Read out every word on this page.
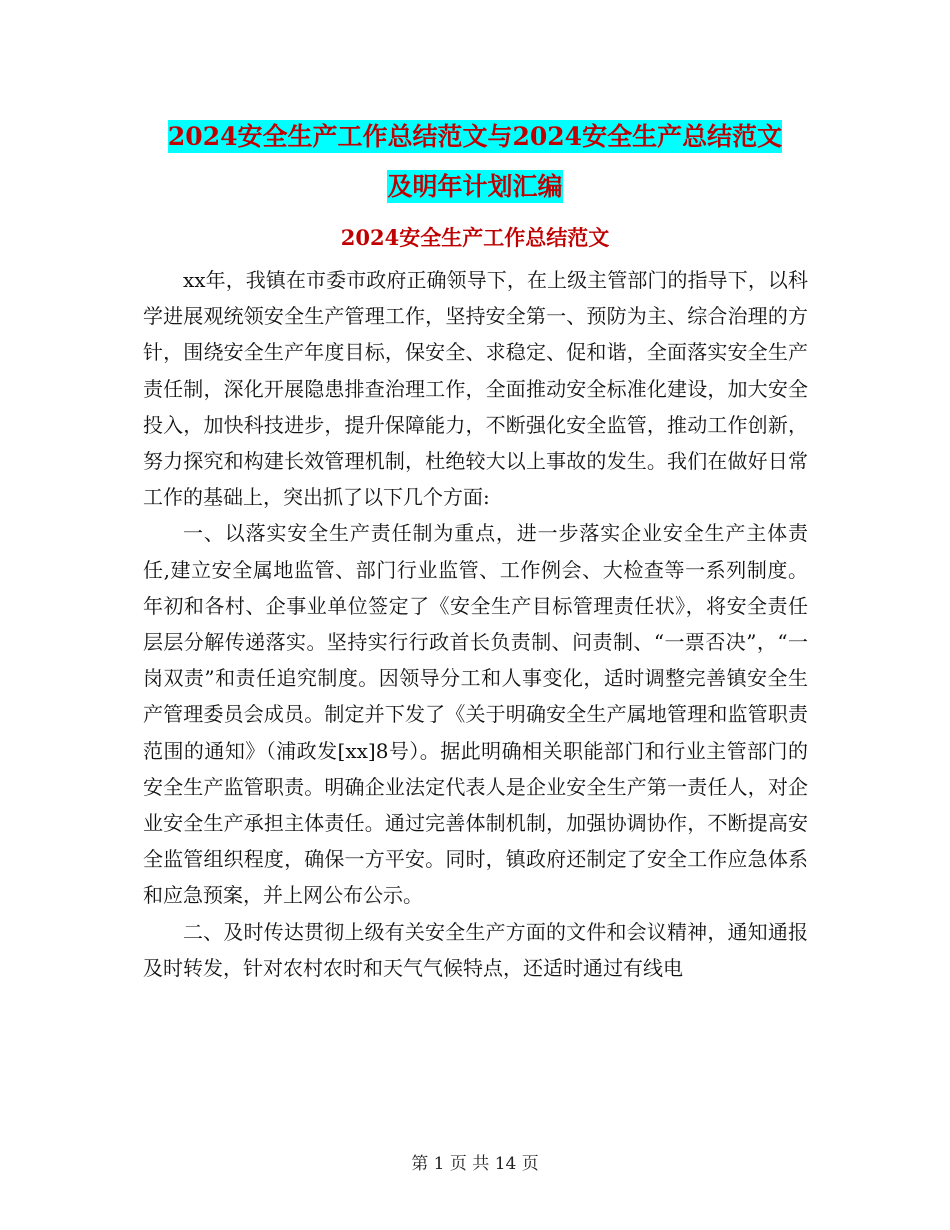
2024安全生产工作总结范文与2024安全生产总结范文
及明年计划汇编
2024安全生产工作总结范文

xx年，我镇在市委市政府正确领导下，在上级主管部门的指导下，以科学进展观统领安全生产管理工作，坚持安全第一、预防为主、综合治理的方针，围绕安全生产年度目标，保安全、求稳定、促和谐，全面落实安全生产责任制，深化开展隐患排查治理工作，全面推动安全标准化建设，加大安全投入，加快科技进步，提升保障能力，不断强化安全监管，推动工作创新，努力探究和构建长效管理机制，杜绝较大以上事故的发生。我们在做好日常工作的基础上，突出抓了以下几个方面:

一、以落实安全生产责任制为重点，进一步落实企业安全生产主体责任,建立安全属地监管、部门行业监管、工作例会、大检查等一系列制度。年初和各村、企事业单位签定了《安全生产目标管理责任状》，将安全责任层层分解传递落实。坚持实行行政首长负责制、问责制、“一票否决”，“一岗双责”和责任追究制度。因领导分工和人事变化，适时调整完善镇安全生产管理委员会成员。制定并下发了《关于明确安全生产属地管理和监管职责范围的通知》（浦政发[xx]8号）。据此明确相关职能部门和行业主管部门的安全生产监管职责。明确企业法定代表人是企业安全生产第一责任人，对企业安全生产承担主体责任。通过完善体制机制，加强协调协作，不断提高安全监管组织程度，确保一方平安。同时，镇政府还制定了安全工作应急体系和应急预案，并上网公布公示。

二、及时传达贯彻上级有关安全生产方面的文件和会议精神，通知通报及时转发，针对农村农时和天气气候特点，还适时通过有线电

第 1 页 共 14 页
